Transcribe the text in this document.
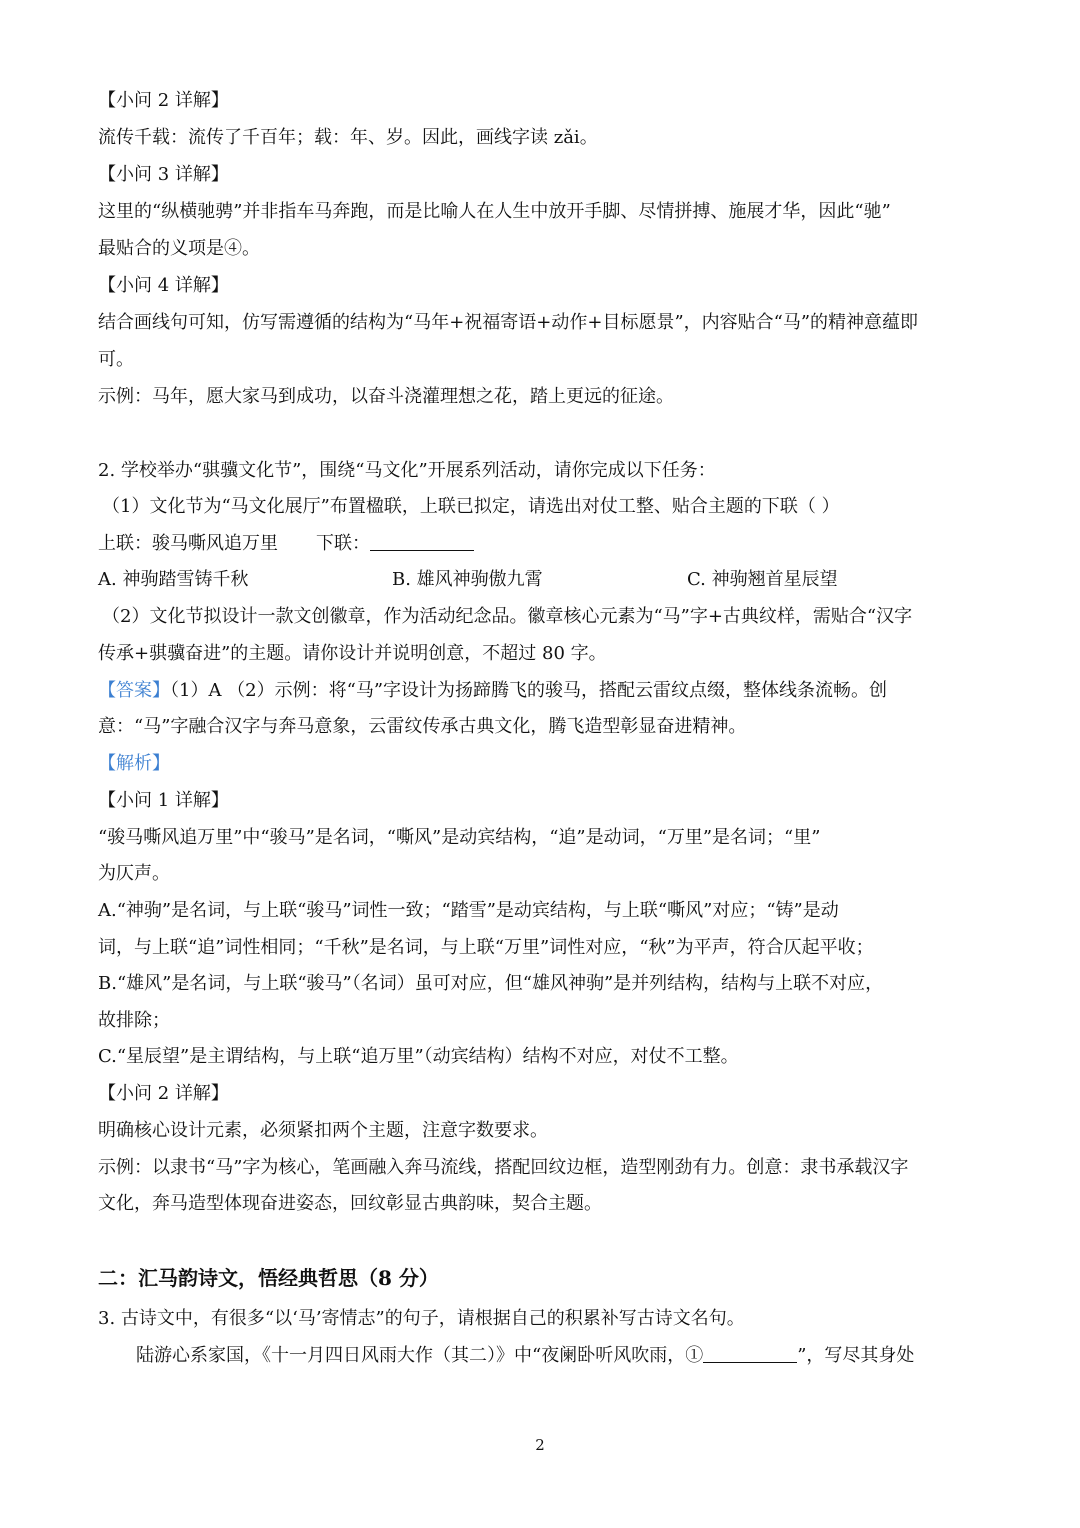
【小问 2 详解】
流传千载：流传了千百年；载：年、岁。因此，画线字读 zǎi。
【小问 3 详解】
这里的“纵横驰骋”并非指车马奔跑，而是比喻人在人生中放开手脚、尽情拼搏、施展才华，因此“驰”
最贴合的义项是④。
【小问 4 详解】
结合画线句可知，仿写需遵循的结构为“马年+祝福寄语+动作+目标愿景”，内容贴合“马”的精神意蕴即
可。
示例：马年，愿大家马到成功，以奋斗浇灌理想之花，踏上更远的征途。
2. 学校举办“骐骥文化节”，围绕“马文化”开展系列活动，请你完成以下任务：
（1）文化节为“马文化展厅”布置楹联，上联已拟定，请选出对仗工整、贴合主题的下联（ ）
上联：骏马嘶风追万里 下联：
A. 神驹踏雪铸千秋	B. 雄风神驹傲九霄	C. 神驹翘首星辰望
（2）文化节拟设计一款文创徽章，作为活动纪念品。徽章核心元素为“马”字+古典纹样，需贴合“汉字
传承+骐骥奋进”的主题。请你设计并说明创意，不超过 80 字。
【答案】（1）A （2）示例：将“马”字设计为扬蹄腾飞的骏马，搭配云雷纹点缀，整体线条流畅。创
意：“马”字融合汉字与奔马意象，云雷纹传承古典文化，腾飞造型彰显奋进精神。
【解析】
【小问 1 详解】
“骏马嘶风追万里”中“骏马”是名词，“嘶风”是动宾结构，“追”是动词，“万里”是名词；“里”
为仄声。
A.“神驹”是名词，与上联“骏马”词性一致；“踏雪”是动宾结构，与上联“嘶风”对应；“铸”是动
词，与上联“追”词性相同；“千秋”是名词，与上联“万里”词性对应，“秋”为平声，符合仄起平收；
B.“雄风”是名词，与上联“骏马”（名词）虽可对应，但“雄风神驹”是并列结构，结构与上联不对应，
故排除；
C.“星辰望”是主谓结构，与上联“追万里”（动宾结构）结构不对应，对仗不工整。
【小问 2 详解】
明确核心设计元素，必须紧扣两个主题，注意字数要求。
示例：以隶书“马”字为核心，笔画融入奔马流线，搭配回纹边框，造型刚劲有力。创意：隶书承载汉字
文化，奔马造型体现奋进姿态，回纹彰显古典韵味，契合主题。
二：汇马韵诗文，悟经典哲思（8 分）
3. 古诗文中，有很多“以‘马’寄情志”的句子，请根据自己的积累补写古诗文名句。
陆游心系家国，《十一月四日风雨大作（其二）》中“夜阑卧听风吹雨，①	”，写尽其身处
2
